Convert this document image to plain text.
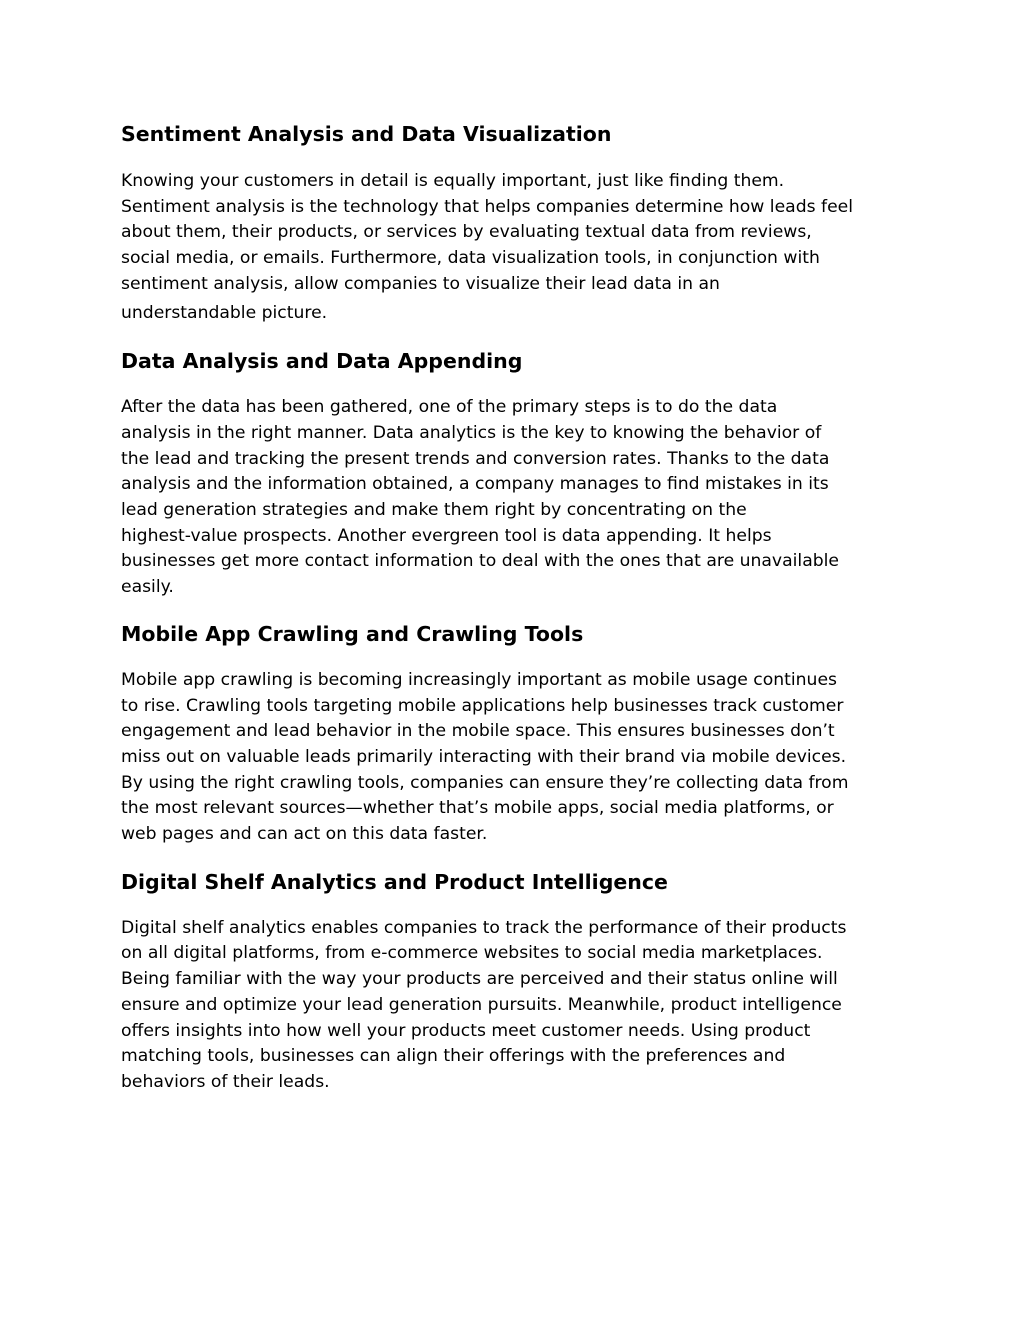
Sentiment Analysis and Data Visualization

Knowing your customers in detail is equally important, just like finding them.
Sentiment analysis is the technology that helps companies determine how leads feel
about them, their products, or services by evaluating textual data from reviews,
social media, or emails. Furthermore, data visualization tools, in conjunction with
sentiment analysis, allow companies to visualize their lead data in an
understandable picture.

Data Analysis and Data Appending

After the data has been gathered, one of the primary steps is to do the data
analysis in the right manner. Data analytics is the key to knowing the behavior of
the lead and tracking the present trends and conversion rates. Thanks to the data
analysis and the information obtained, a company manages to find mistakes in its
lead generation strategies and make them right by concentrating on the
highest-value prospects. Another evergreen tool is data appending. It helps
businesses get more contact information to deal with the ones that are unavailable
easily.

Mobile App Crawling and Crawling Tools

Mobile app crawling is becoming increasingly important as mobile usage continues
to rise. Crawling tools targeting mobile applications help businesses track customer
engagement and lead behavior in the mobile space. This ensures businesses don’t
miss out on valuable leads primarily interacting with their brand via mobile devices.
By using the right crawling tools, companies can ensure they’re collecting data from
the most relevant sources—whether that’s mobile apps, social media platforms, or
web pages and can act on this data faster.

Digital Shelf Analytics and Product Intelligence

Digital shelf analytics enables companies to track the performance of their products
on all digital platforms, from e-commerce websites to social media marketplaces.
Being familiar with the way your products are perceived and their status online will
ensure and optimize your lead generation pursuits. Meanwhile, product intelligence
offers insights into how well your products meet customer needs. Using product
matching tools, businesses can align their offerings with the preferences and
behaviors of their leads.
